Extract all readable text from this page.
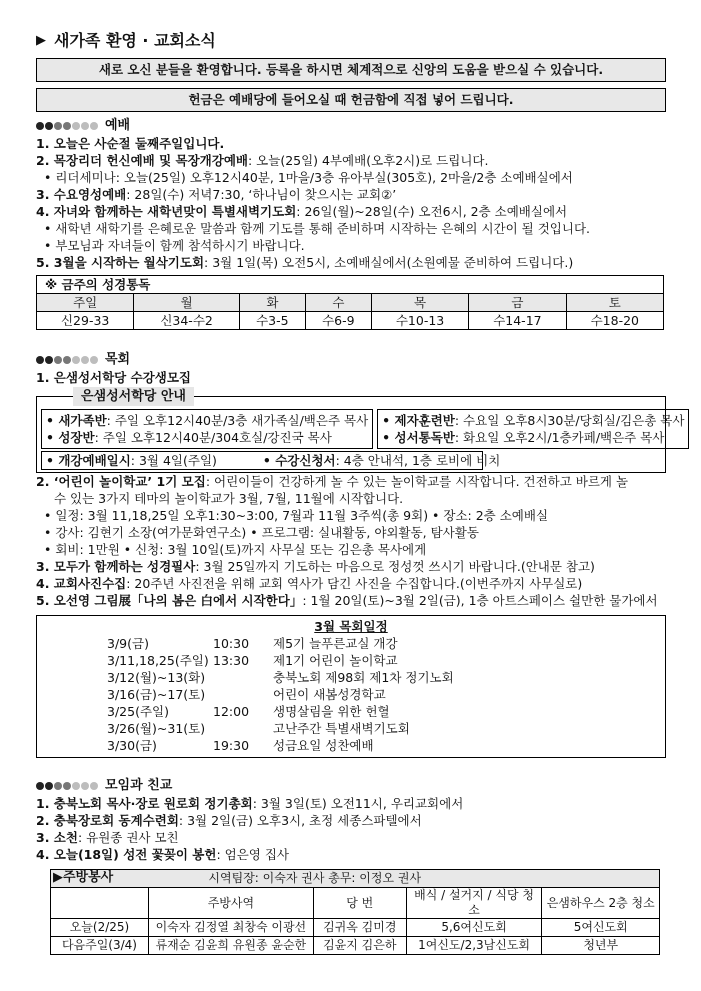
▶ 새가족 환영 · 교회소식
새로 오신 분들을 환영합니다. 등록을 하시면 체계적으로 신앙의 도움을 받으실 수 있습니다.
헌금은 예배당에 들어오실 때 헌금함에 직접 넣어 드립니다.
예배
1. 오늘은 사순절 둘째주일입니다.
2. 목장리더 헌신예배 및 목장개강예배: 오늘(25일) 4부예배(오후2시)로 드립니다.
• 리더세미나: 오늘(25일) 오후12시40분, 1마을/3층 유아부실(305호), 2마을/2층 소예배실에서
3. 수요영성예배: 28일(수) 저녁7:30, ‘하나님이 찾으시는 교회②’
4. 자녀와 함께하는 새학년맞이 특별새벽기도회: 26일(월)~28일(수) 오전6시, 2층 소예배실에서
• 새학년 새학기를 은혜로운 말씀과 함께 기도를 통해 준비하며 시작하는 은혜의 시간이 될 것입니다.
• 부모님과 자녀들이 함께 참석하시기 바랍니다.
5. 3월을 시작하는 월삭기도회: 3월 1일(목) 오전5시, 소예배실에서(소원예물 준비하여 드립니다.)
※ 금주의 성경통독						
주일	월	화	수	목	금	토
신29-33	신34-수2	수3-5	수6-9	수10-13	수14-17	수18-20
목회
1. 은샘성서학당 수강생모집
은샘성서학당 안내
• 새가족반: 주일 오후12시40분/3층 새가족실/백은주 목사
• 성장반: 주일 오후12시40분/304호실/강진국 목사
• 제자훈련반: 수요일 오후8시30분/당회실/김은총 목사
• 성서통독반: 화요일 오후2시/1층카페/백은주 목사
• 개강예배일시: 3월 4일(주일)	• 수강신청서: 4층 안내석, 1층 로비에 비치
2. ‘어린이 놀이학교’ 1기 모집: 어린이들이 건강하게 놀 수 있는 놀이학교를 시작합니다. 건전하고 바르게 놀
수 있는 3가지 테마의 놀이학교가 3월, 7월, 11월에 시작합니다.
• 일정: 3월 11,18,25일 오후1:30~3:00, 7월과 11월 3주씩(총 9회) • 장소: 2층 소예배실
• 강사: 김현기 소장(여가문화연구소) • 프로그램: 실내활동, 야외활동, 탐사활동
• 회비: 1만원 • 신청: 3월 10일(토)까지 사무실 또는 김은총 목사에게
3. 모두가 함께하는 성경필사: 3월 25일까지 기도하는 마음으로 정성껏 쓰시기 바랍니다.(안내문 참고)
4. 교회사진수집: 20주년 사진전을 위해 교회 역사가 담긴 사진을 수집합니다.(이번주까지 사무실로)
5. 오선영 그림展「나의 봄은 白에서 시작한다」: 1월 20일(토)~3월 2일(금), 1층 아트스페이스 쉴만한 물가에서
3월 목회일정
3/9(금)	10:30	제5기 늘푸른교실 개강
3/11,18,25(주일) 13:30	제1기 어린이 놀이학교
3/12(월)~13(화)	충북노회 제98회 제1차 정기노회
3/16(금)~17(토)	어린이 새봄성경학교
3/25(주일)	12:00	생명살림을 위한 헌혈
3/26(월)~31(토)	고난주간 특별새벽기도회
3/30(금)	19:30	성금요일 성찬예배
모임과 친교
1. 충북노회 목사·장로 원로회 정기총회: 3월 3일(토) 오전11시, 우리교회에서
2. 충북장로회 동계수련회: 3월 2일(금) 오후3시, 초정 세종스파텔에서
3. 소천: 유원종 권사 모친
4. 오늘(18일) 성전 꽃꽂이 봉헌: 엄은영 집사
▶주방봉사	시역팀장: 이숙자 권사 총무: 이정오 권사			
	주방사역	당 번	배식 / 설거지 / 식당 청소	은샘하우스 2층 청소
오늘(2/25)	이숙자 김정열 최창숙 이광선	김귀옥 김미경	5,6여신도회	5여신도회
다음주일(3/4)	류재순 김윤희 유원종 윤순한	김윤지 김은하	1여신도/2,3남신도회	청년부
